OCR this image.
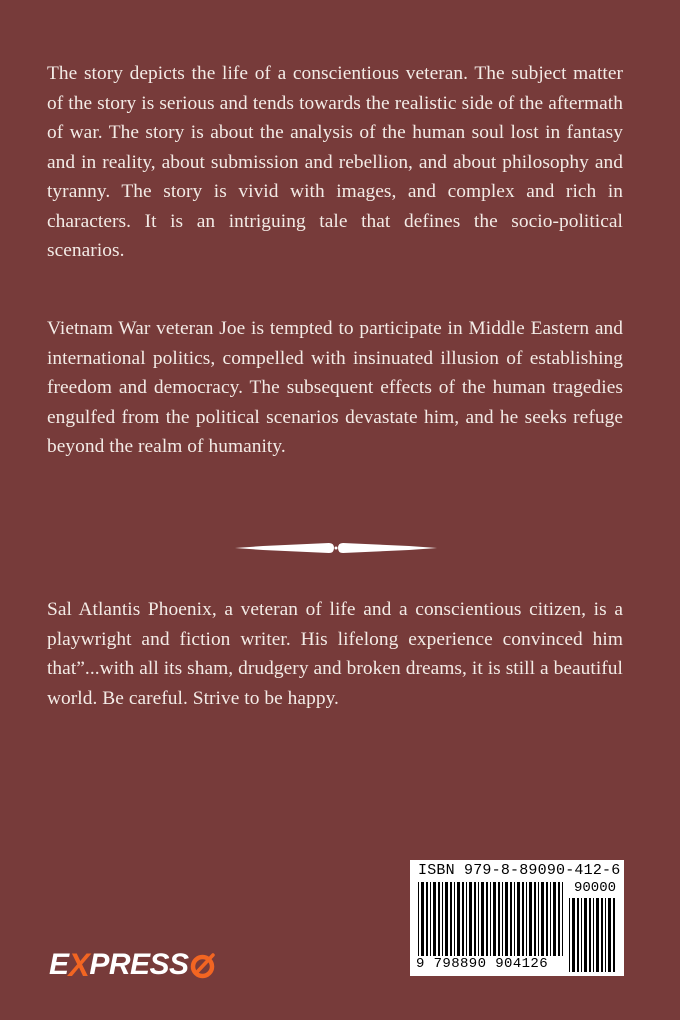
The story depicts the life of a conscientious veteran. The subject matter of the story is serious and tends towards the realistic side of the aftermath of war. The story is about the analysis of the human soul lost in fantasy and in reality, about submission and rebellion, and about philosophy and tyranny. The story is vivid with images, and complex and rich in characters. It is an intriguing tale that defines the socio-political scenarios.

Vietnam War veteran Joe is tempted to participate in Middle Eastern and international politics, compelled with insinuated illusion of establishing freedom and democracy. The subsequent effects of the human tragedies engulfed from the political scenarios devastate him, and he seeks refuge beyond the realm of humanity.

Sal Atlantis Phoenix, a veteran of life and a conscientious citizen, is a playwright and fiction writer. His lifelong experience convinced him that”...with all its sham, drudgery and broken dreams, it is still a beautiful world. Be careful. Strive to be happy.

ISBN 979-8-89090-412-6
90000
9 798890 904126
E X PRESS
